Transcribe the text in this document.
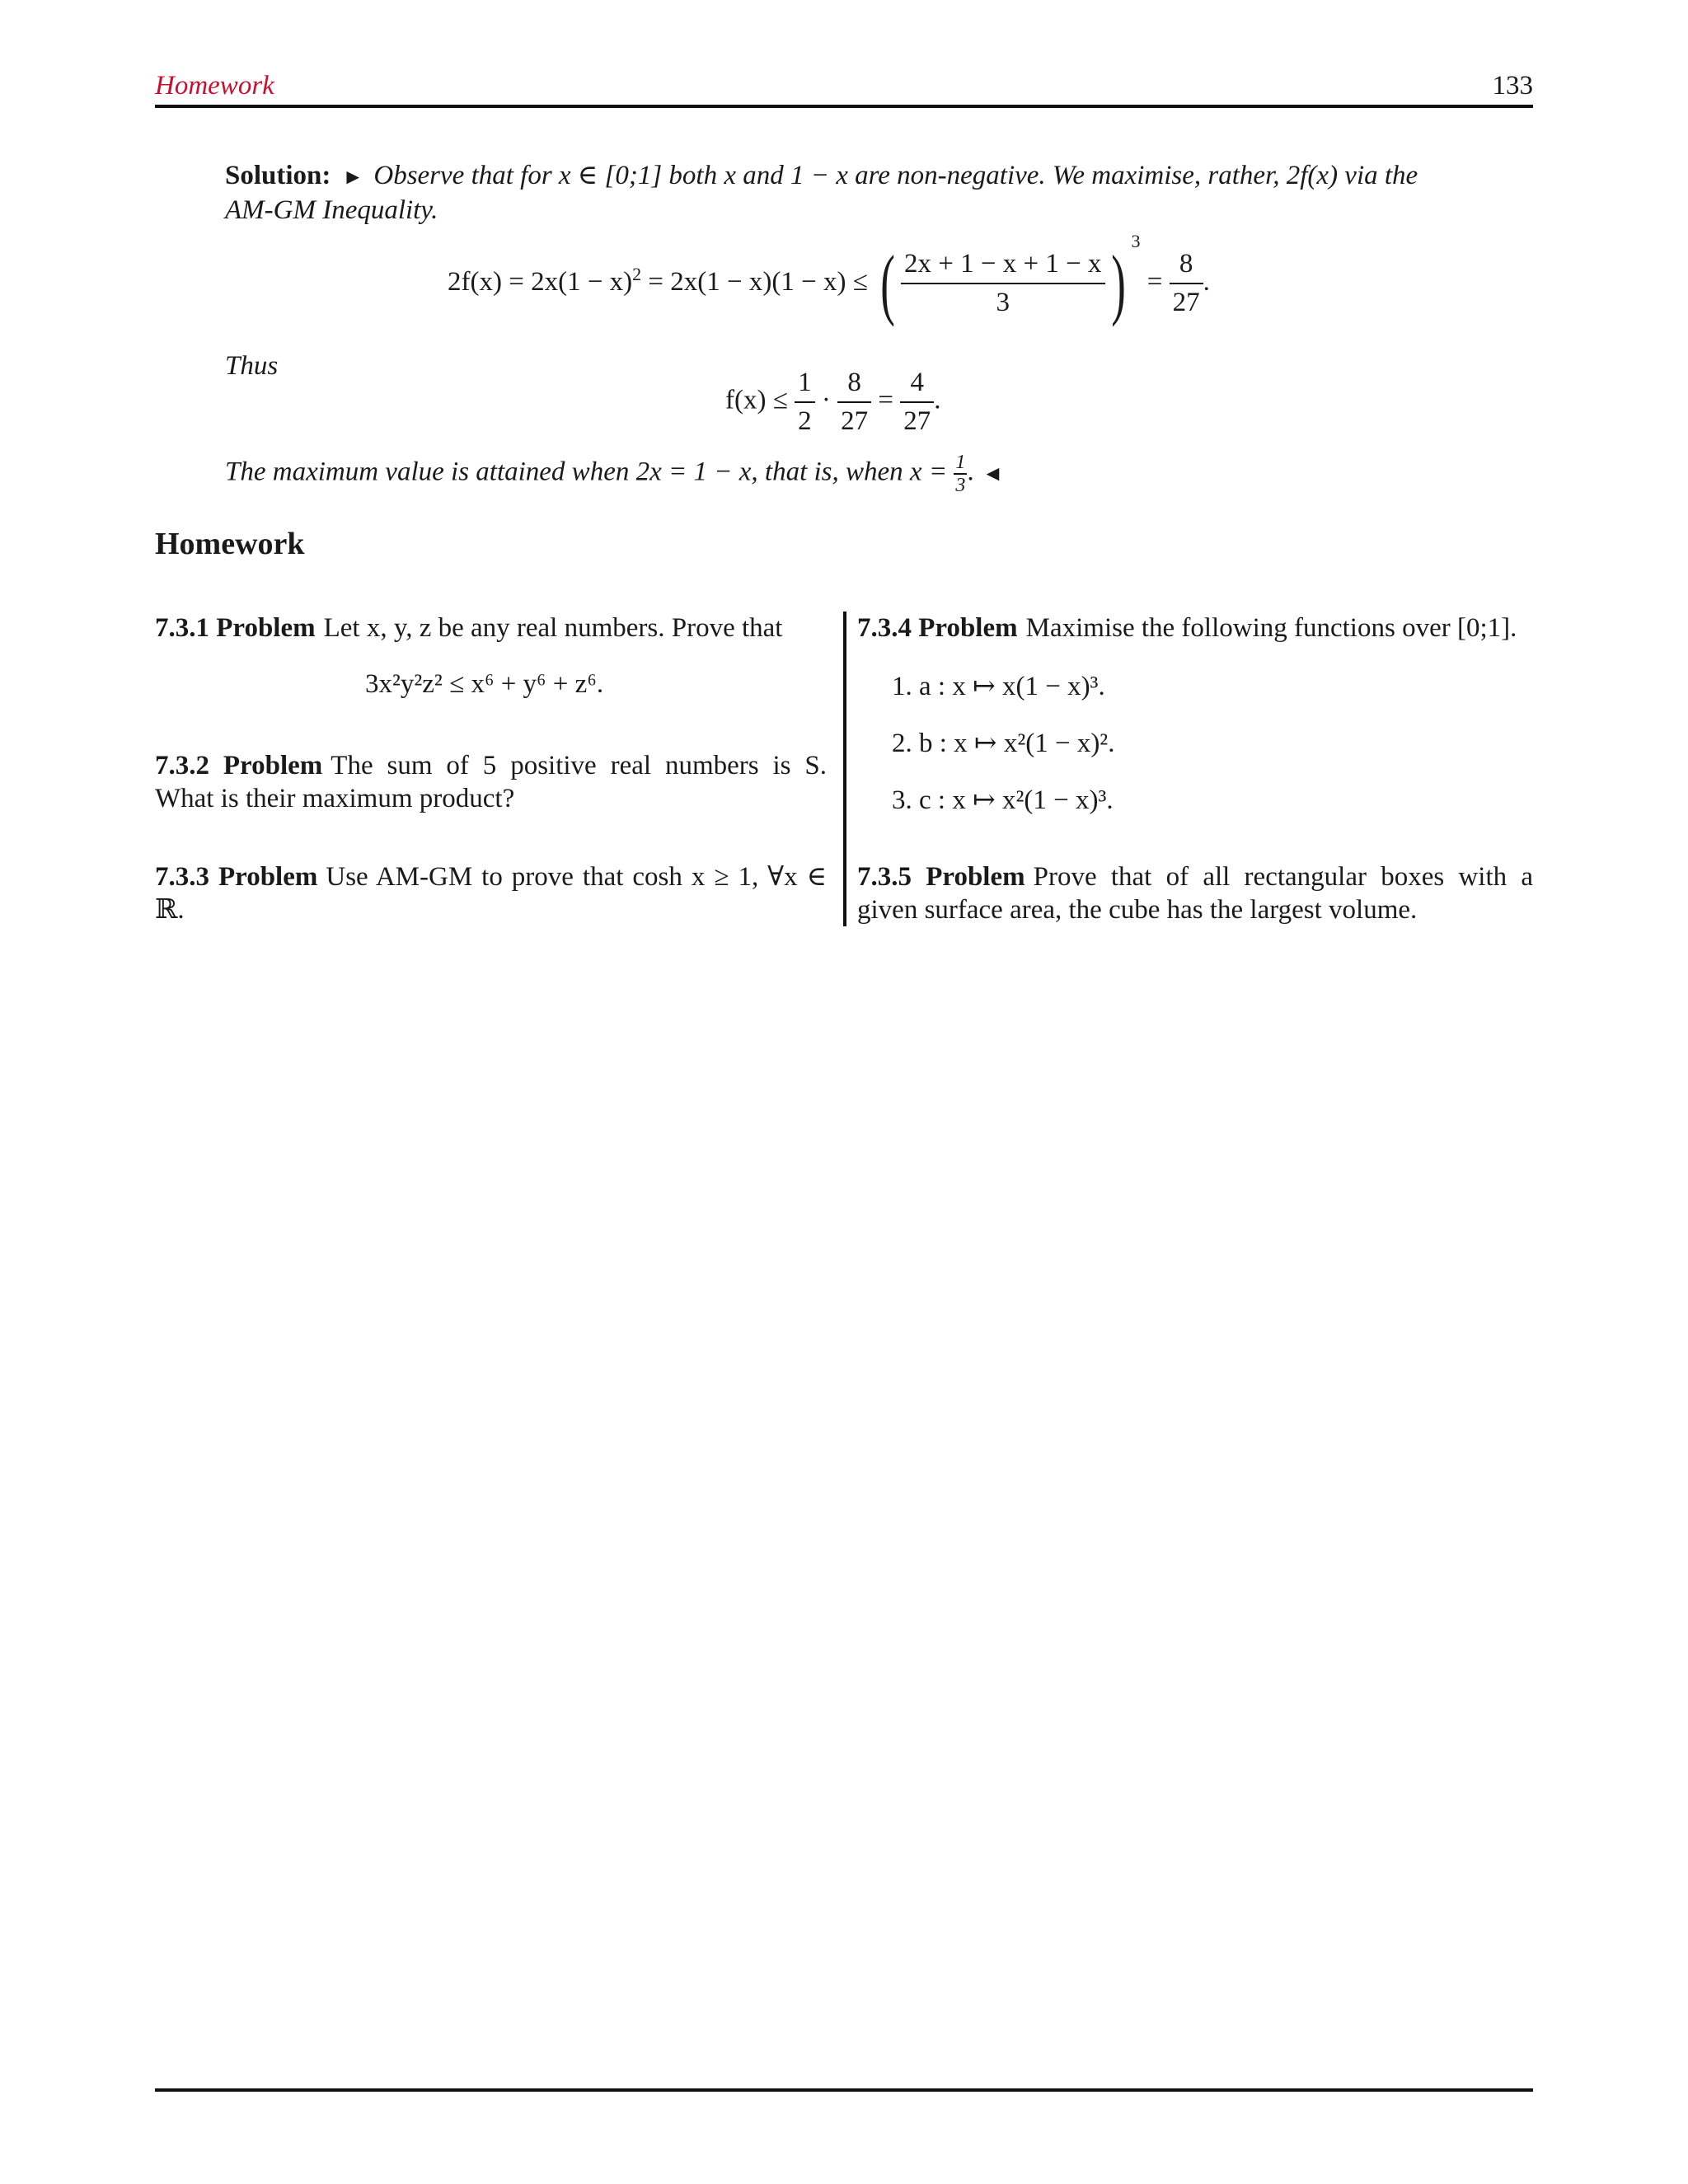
Homework	133
Solution: ► Observe that for x ∈ [0;1] both x and 1 − x are non-negative. We maximise, rather, 2f(x) via the AM-GM Inequality.
$2f(x) = 2x(1 - x)^2 = 2x(1 - x)(1 - x)$ ≤ ( $\frac{2x + 1 - x + 1 - x}{3}$ ) $^3 = \frac{8}{27}$ .
Thus
$f(x) \le \frac{1}{2} \cdot \frac{8}{27} = \frac{4}{27}$ .
The maximum value is attained when 2x = 1 − x, that is, when $x = \frac{1}{3}$ . ◄
Homework
7.3.1 Problem Let x, y, z be any real numbers. Prove that
3x²y²z² ≤ x⁶ + y⁶ + z⁶.
7.3.2 Problem The sum of 5 positive real numbers is S. What is their maximum product?
7.3.3 Problem Use AM-GM to prove that cosh x ≥ 1, ∀x ∈ ℝ.
7.3.4 Problem Maximise the following functions over [0;1].
1. a : x ↦ x(1 − x)³.
2. b : x ↦ x²(1 − x)².
3. c : x ↦ x²(1 − x)³.
7.3.5 Problem Prove that of all rectangular boxes with a given surface area, the cube has the largest volume.
